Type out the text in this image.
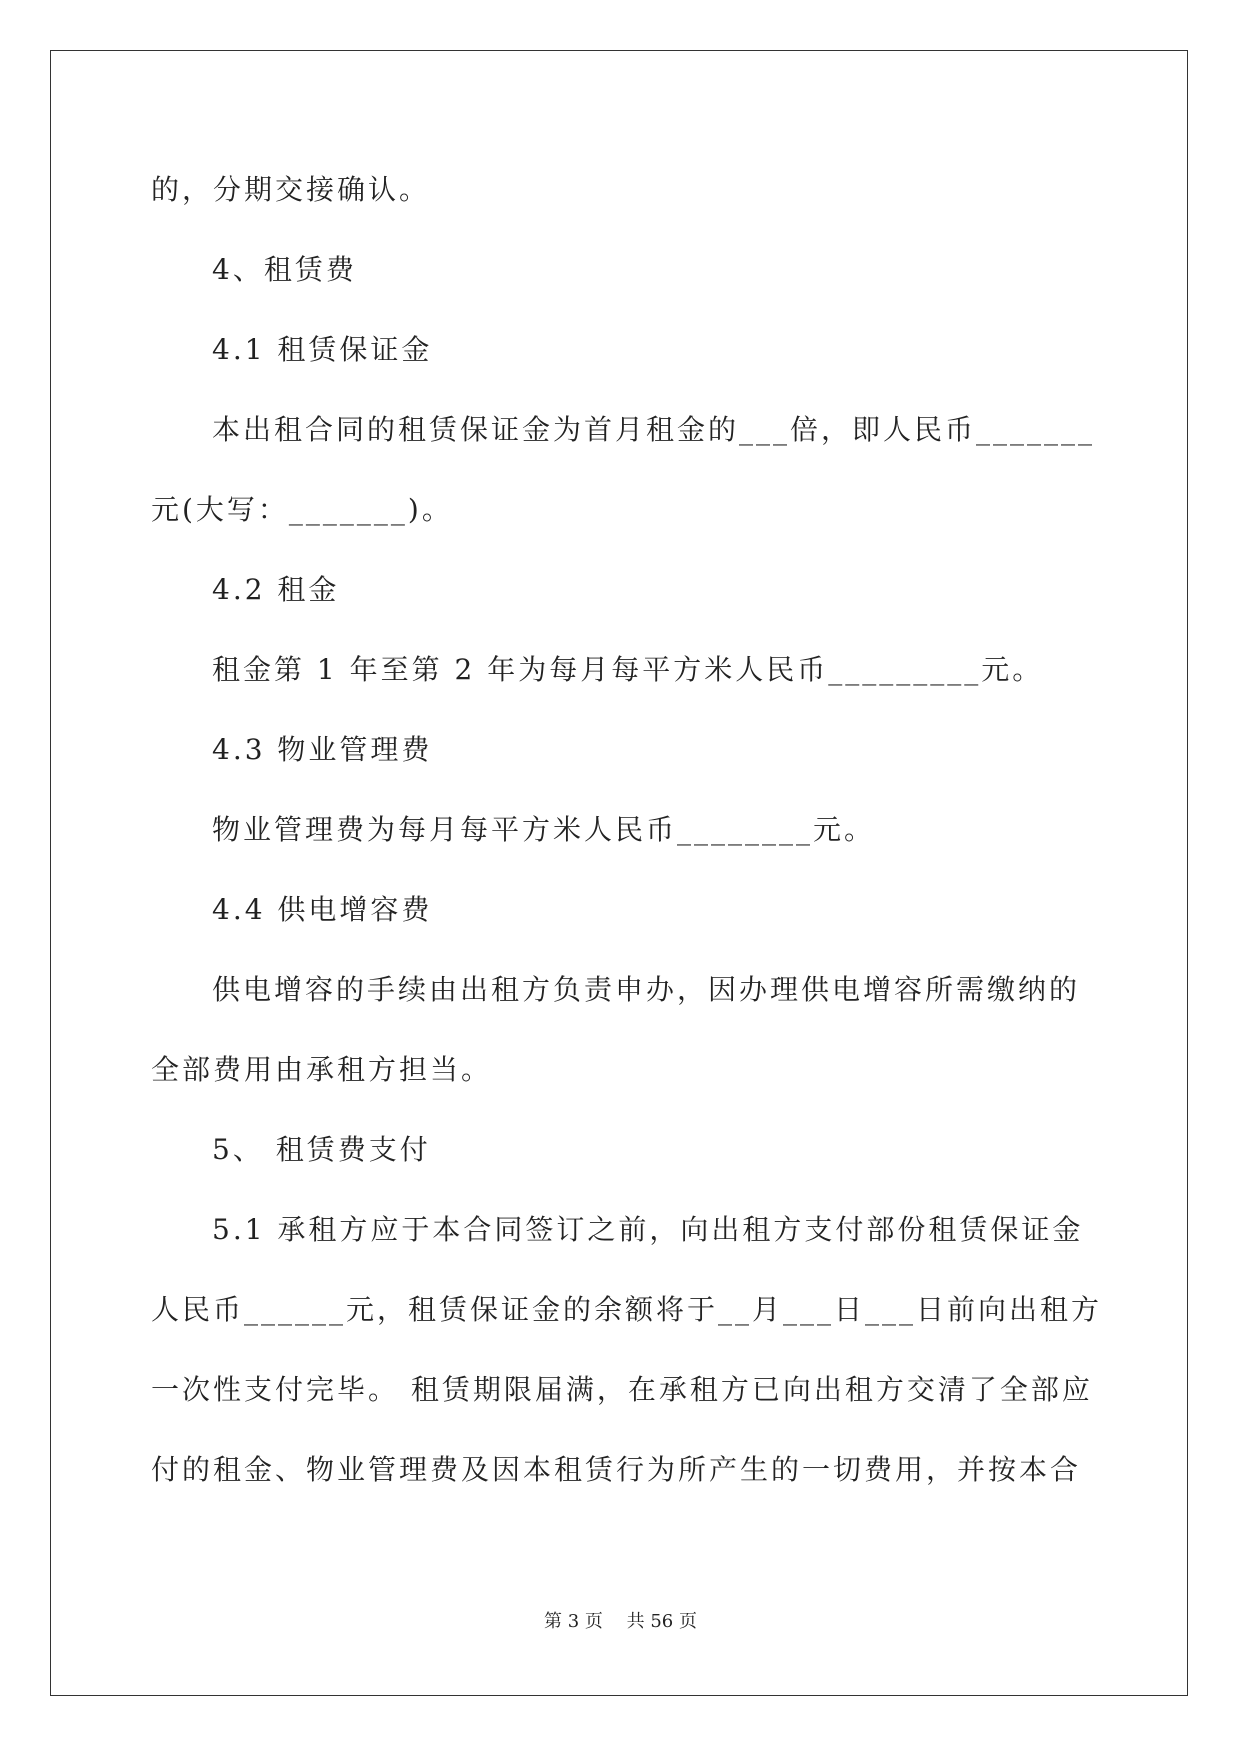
的，分期交接确认。
4、租赁费
4.1 租赁保证金
本出租合同的租赁保证金为首月租金的___倍，即人民币_______
元(大写：_______)。
4.2 租金
租金第 1 年至第 2 年为每月每平方米人民币_________元。
4.3 物业管理费
物业管理费为每月每平方米人民币________元。
4.4 供电增容费
供电增容的手续由出租方负责申办，因办理供电增容所需缴纳的
全部费用由承租方担当。
5、 租赁费支付
5.1 承租方应于本合同签订之前，向出租方支付部份租赁保证金
人民币______元，租赁保证金的余额将于__月___日___日前向出租方
一次性支付完毕。 租赁期限届满，在承租方已向出租方交清了全部应
付的租金、物业管理费及因本租赁行为所产生的一切费用，并按本合
第 3 页　 共 56 页
